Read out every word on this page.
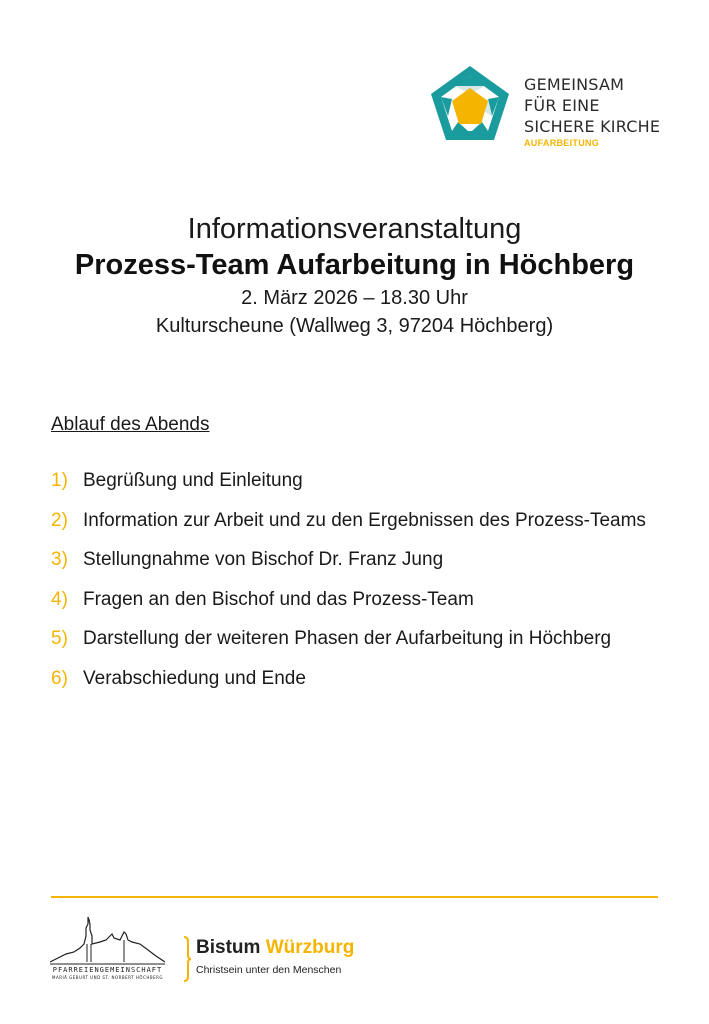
GEMEINSAM
FÜR EINE
SICHERE KIRCHE
AUFARBEITUNG
Informationsveranstaltung
Prozess-Team Aufarbeitung in Höchberg
2. März 2026 – 18.30 Uhr
Kulturscheune (Wallweg 3, 97204 Höchberg)
Ablauf des Abends
1) Begrüßung und Einleitung
2) Information zur Arbeit und zu den Ergebnissen des Prozess-Teams
3) Stellungnahme von Bischof Dr. Franz Jung
4) Fragen an den Bischof und das Prozess-Team
5) Darstellung der weiteren Phasen der Aufarbeitung in Höchberg
6) Verabschiedung und Ende
PFARREIENGEMEINSCHAFT
MARIÄ GEBURT UND ST. NORBERT HÖCHBERG
Bistum Würzburg
Christsein unter den Menschen
